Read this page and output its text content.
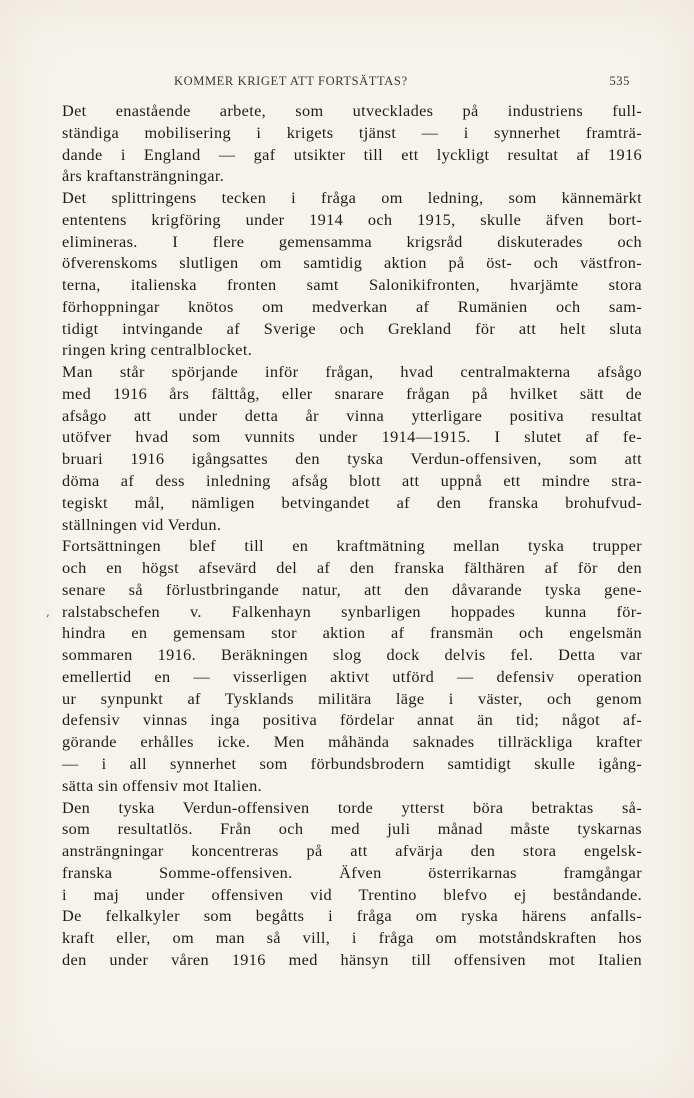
KOMMER KRIGET ATT FORTSÄTTAS?	535
,
Det enastående arbete, som utvecklades på industriens full-
ständiga mobilisering i krigets tjänst — i synnerhet framträ-
dande i England — gaf utsikter till ett lyckligt resultat af 1916
års kraftansträngningar.
Det splittringens tecken i fråga om ledning, som kännemärkt
ententens krigföring under 1914 och 1915, skulle äfven bort-
elimineras. I flere gemensamma krigsråd diskuterades och
öfverenskoms slutligen om samtidig aktion på öst- och västfron-
terna, italienska fronten samt Salonikifronten, hvarjämte stora
förhoppningar knötos om medverkan af Rumänien och sam-
tidigt intvingande af Sverige och Grekland för att helt sluta
ringen kring centralblocket.
Man står spörjande inför frågan, hvad centralmakterna afsågo
med 1916 års fälttåg, eller snarare frågan på hvilket sätt de
afsågo att under detta år vinna ytterligare positiva resultat
utöfver hvad som vunnits under 1914—1915. I slutet af fe-
bruari 1916 igångsattes den tyska Verdun-offensiven, som att
döma af dess inledning afsåg blott att uppnå ett mindre stra-
tegiskt mål, nämligen betvingandet af den franska brohufvud-
ställningen vid Verdun.
Fortsättningen blef till en kraftmätning mellan tyska trupper
och en högst afsevärd del af den franska fälthären af för den
senare så förlustbringande natur, att den dåvarande tyska gene-
ralstabschefen v. Falkenhayn synbarligen hoppades kunna för-
hindra en gemensam stor aktion af fransmän och engelsmän
sommaren 1916. Beräkningen slog dock delvis fel. Detta var
emellertid en — visserligen aktivt utförd — defensiv operation
ur synpunkt af Tysklands militära läge i väster, och genom
defensiv vinnas inga positiva fördelar annat än tid; något af-
görande erhålles icke. Men måhända saknades tillräckliga krafter
— i all synnerhet som förbundsbrodern samtidigt skulle igång-
sätta sin offensiv mot Italien.
Den tyska Verdun-offensiven torde ytterst böra betraktas så-
som resultatlös. Från och med juli månad måste tyskarnas
ansträngningar koncentreras på att afvärja den stora engelsk-
franska Somme-offensiven. Äfven österrikarnas framgångar
i maj under offensiven vid Trentino blefvo ej beståndande.
De felkalkyler som begåtts i fråga om ryska härens anfalls-
kraft eller, om man så vill, i fråga om motståndskraften hos
den under våren 1916 med hänsyn till offensiven mot Italien
